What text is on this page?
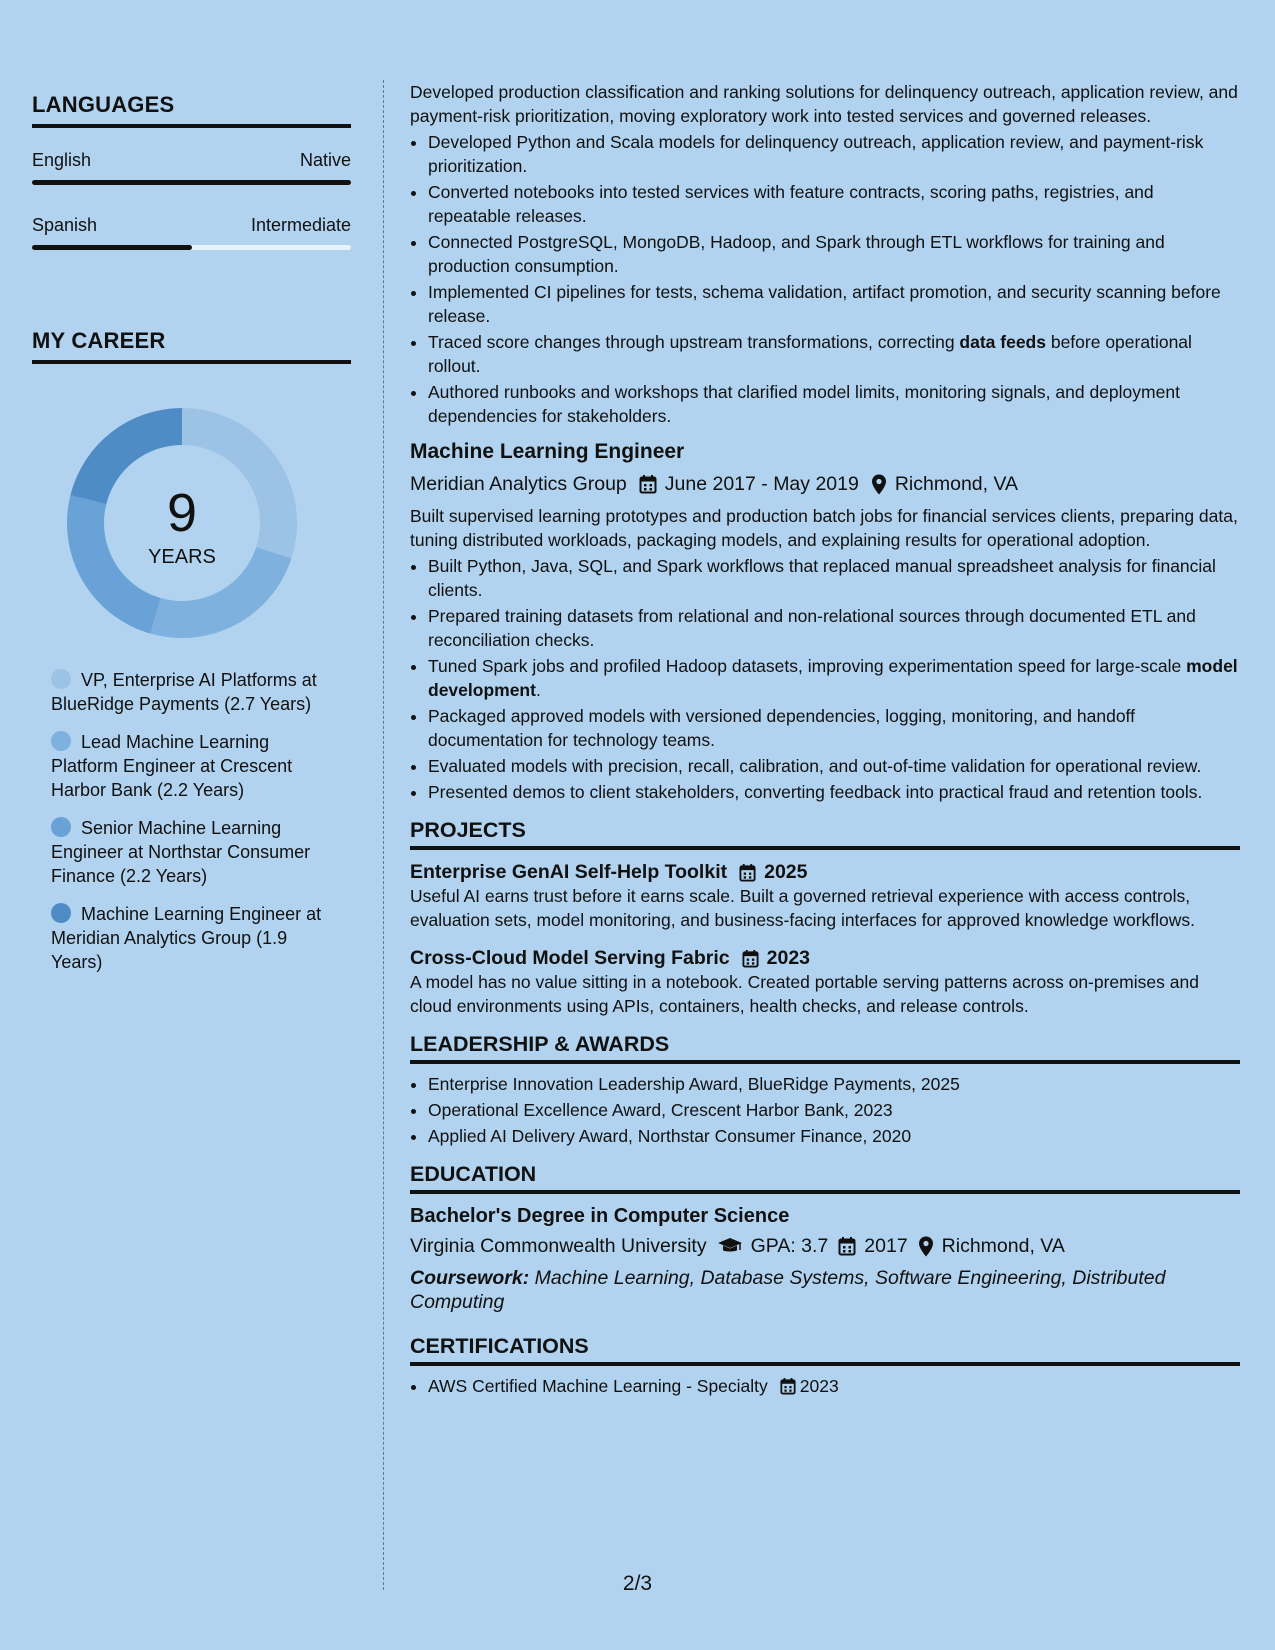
LANGUAGES
English	Native
Spanish	Intermediate
MY CAREER
9
YEARS
VP, Enterprise AI Platforms at BlueRidge Payments (2.7 Years)
Lead Machine Learning Platform Engineer at Crescent Harbor Bank (2.2 Years)
Senior Machine Learning Engineer at Northstar Consumer Finance (2.2 Years)
Machine Learning Engineer at Meridian Analytics Group (1.9 Years)

Developed production classification and ranking solutions for delinquency outreach, application review, and payment-risk prioritization, moving exploratory work into tested services and governed releases.

• Developed Python and Scala models for delinquency outreach, application review, and payment-risk prioritization.
• Converted notebooks into tested services with feature contracts, scoring paths, registries, and repeatable releases.
• Connected PostgreSQL, MongoDB, Hadoop, and Spark through ETL workflows for training and production consumption.
• Implemented CI pipelines for tests, schema validation, artifact promotion, and security scanning before release.
• Traced score changes through upstream transformations, correcting data feeds before operational rollout.
• Authored runbooks and workshops that clarified model limits, monitoring signals, and deployment dependencies for stakeholders.
Machine Learning Engineer
Meridian Analytics Group June 2017 - May 2019 Richmond, VA

Built supervised learning prototypes and production batch jobs for financial services clients, preparing data, tuning distributed workloads, packaging models, and explaining results for operational adoption.

• Built Python, Java, SQL, and Spark workflows that replaced manual spreadsheet analysis for financial clients.
• Prepared training datasets from relational and non-relational sources through documented ETL and reconciliation checks.
• Tuned Spark jobs and profiled Hadoop datasets, improving experimentation speed for large-scale model development.
• Packaged approved models with versioned dependencies, logging, monitoring, and handoff documentation for technology teams.
• Evaluated models with precision, recall, calibration, and out-of-time validation for operational review.
• Presented demos to client stakeholders, converting feedback into practical fraud and retention tools.
PROJECTS
Enterprise GenAI Self-Help Toolkit 2025

Useful AI earns trust before it earns scale. Built a governed retrieval experience with access controls, evaluation sets, model monitoring, and business-facing interfaces for approved knowledge workflows.

Cross-Cloud Model Serving Fabric 2023

A model has no value sitting in a notebook. Created portable serving patterns across on-premises and cloud environments using APIs, containers, health checks, and release controls.

LEADERSHIP & AWARDS
• Enterprise Innovation Leadership Award, BlueRidge Payments, 2025
• Operational Excellence Award, Crescent Harbor Bank, 2023
• Applied AI Delivery Award, Northstar Consumer Finance, 2020
EDUCATION
Bachelor's Degree in Computer Science
Virginia Commonwealth University GPA: 3.7 2017 Richmond, VA
Coursework: Machine Learning, Database Systems, Software Engineering, Distributed Computing
CERTIFICATIONS
• AWS Certified Machine Learning - Specialty 2023
2/3
